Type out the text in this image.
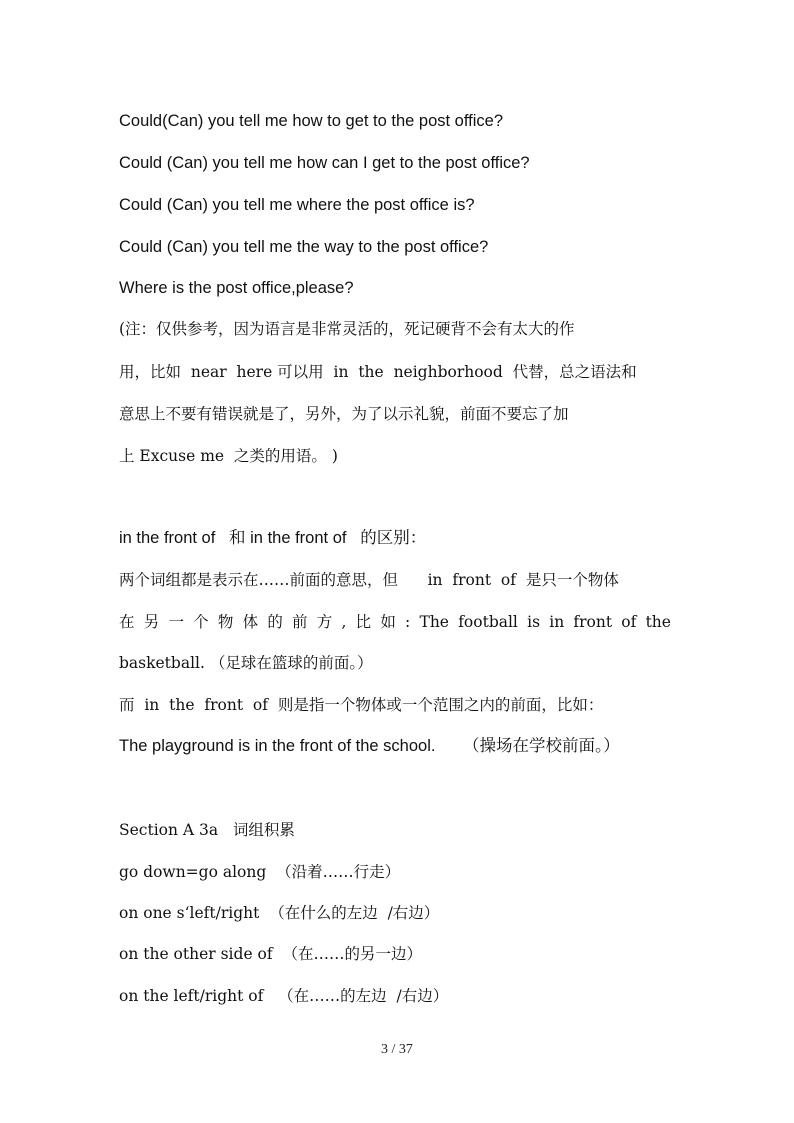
Could(Can) you tell me how to get to the post office?
Could (Can) you tell me how can I get to the post office?
Could (Can) you tell me where the post office is?
Could (Can) you tell me the way to the post office?
Where is the post office,please?
(注：仅供参考，因为语言是非常灵活的，死记硬背不会有太大的作
用，比如  near  here 可以用  in  the  neighborhood  代替，总之语法和
意思上不要有错误就是了，另外，为了以示礼貌，前面不要忘了加
上 Excuse me  之类的用语。 )
in the front of   和 in the front of   的区别：
两个词组都是表示在……前面的意思，但      in  front  of  是只一个物体
在 另 一 个 物 体 的 前 方 , 比 如 : The football is in front of the
basketball. （足球在篮球的前面。）
而  in  the  front  of  则是指一个物体或一个范围之内的前面，比如：
The playground is in the front of the school.      （操场在学校前面。）
Section A 3a   词组积累
go down=go along  （沿着……行走）
on one s‘left/right  （在什么的左边  /右边）
on the other side of  （在……的另一边）
on the left/right of   （在……的左边  /右边）
3 / 37
